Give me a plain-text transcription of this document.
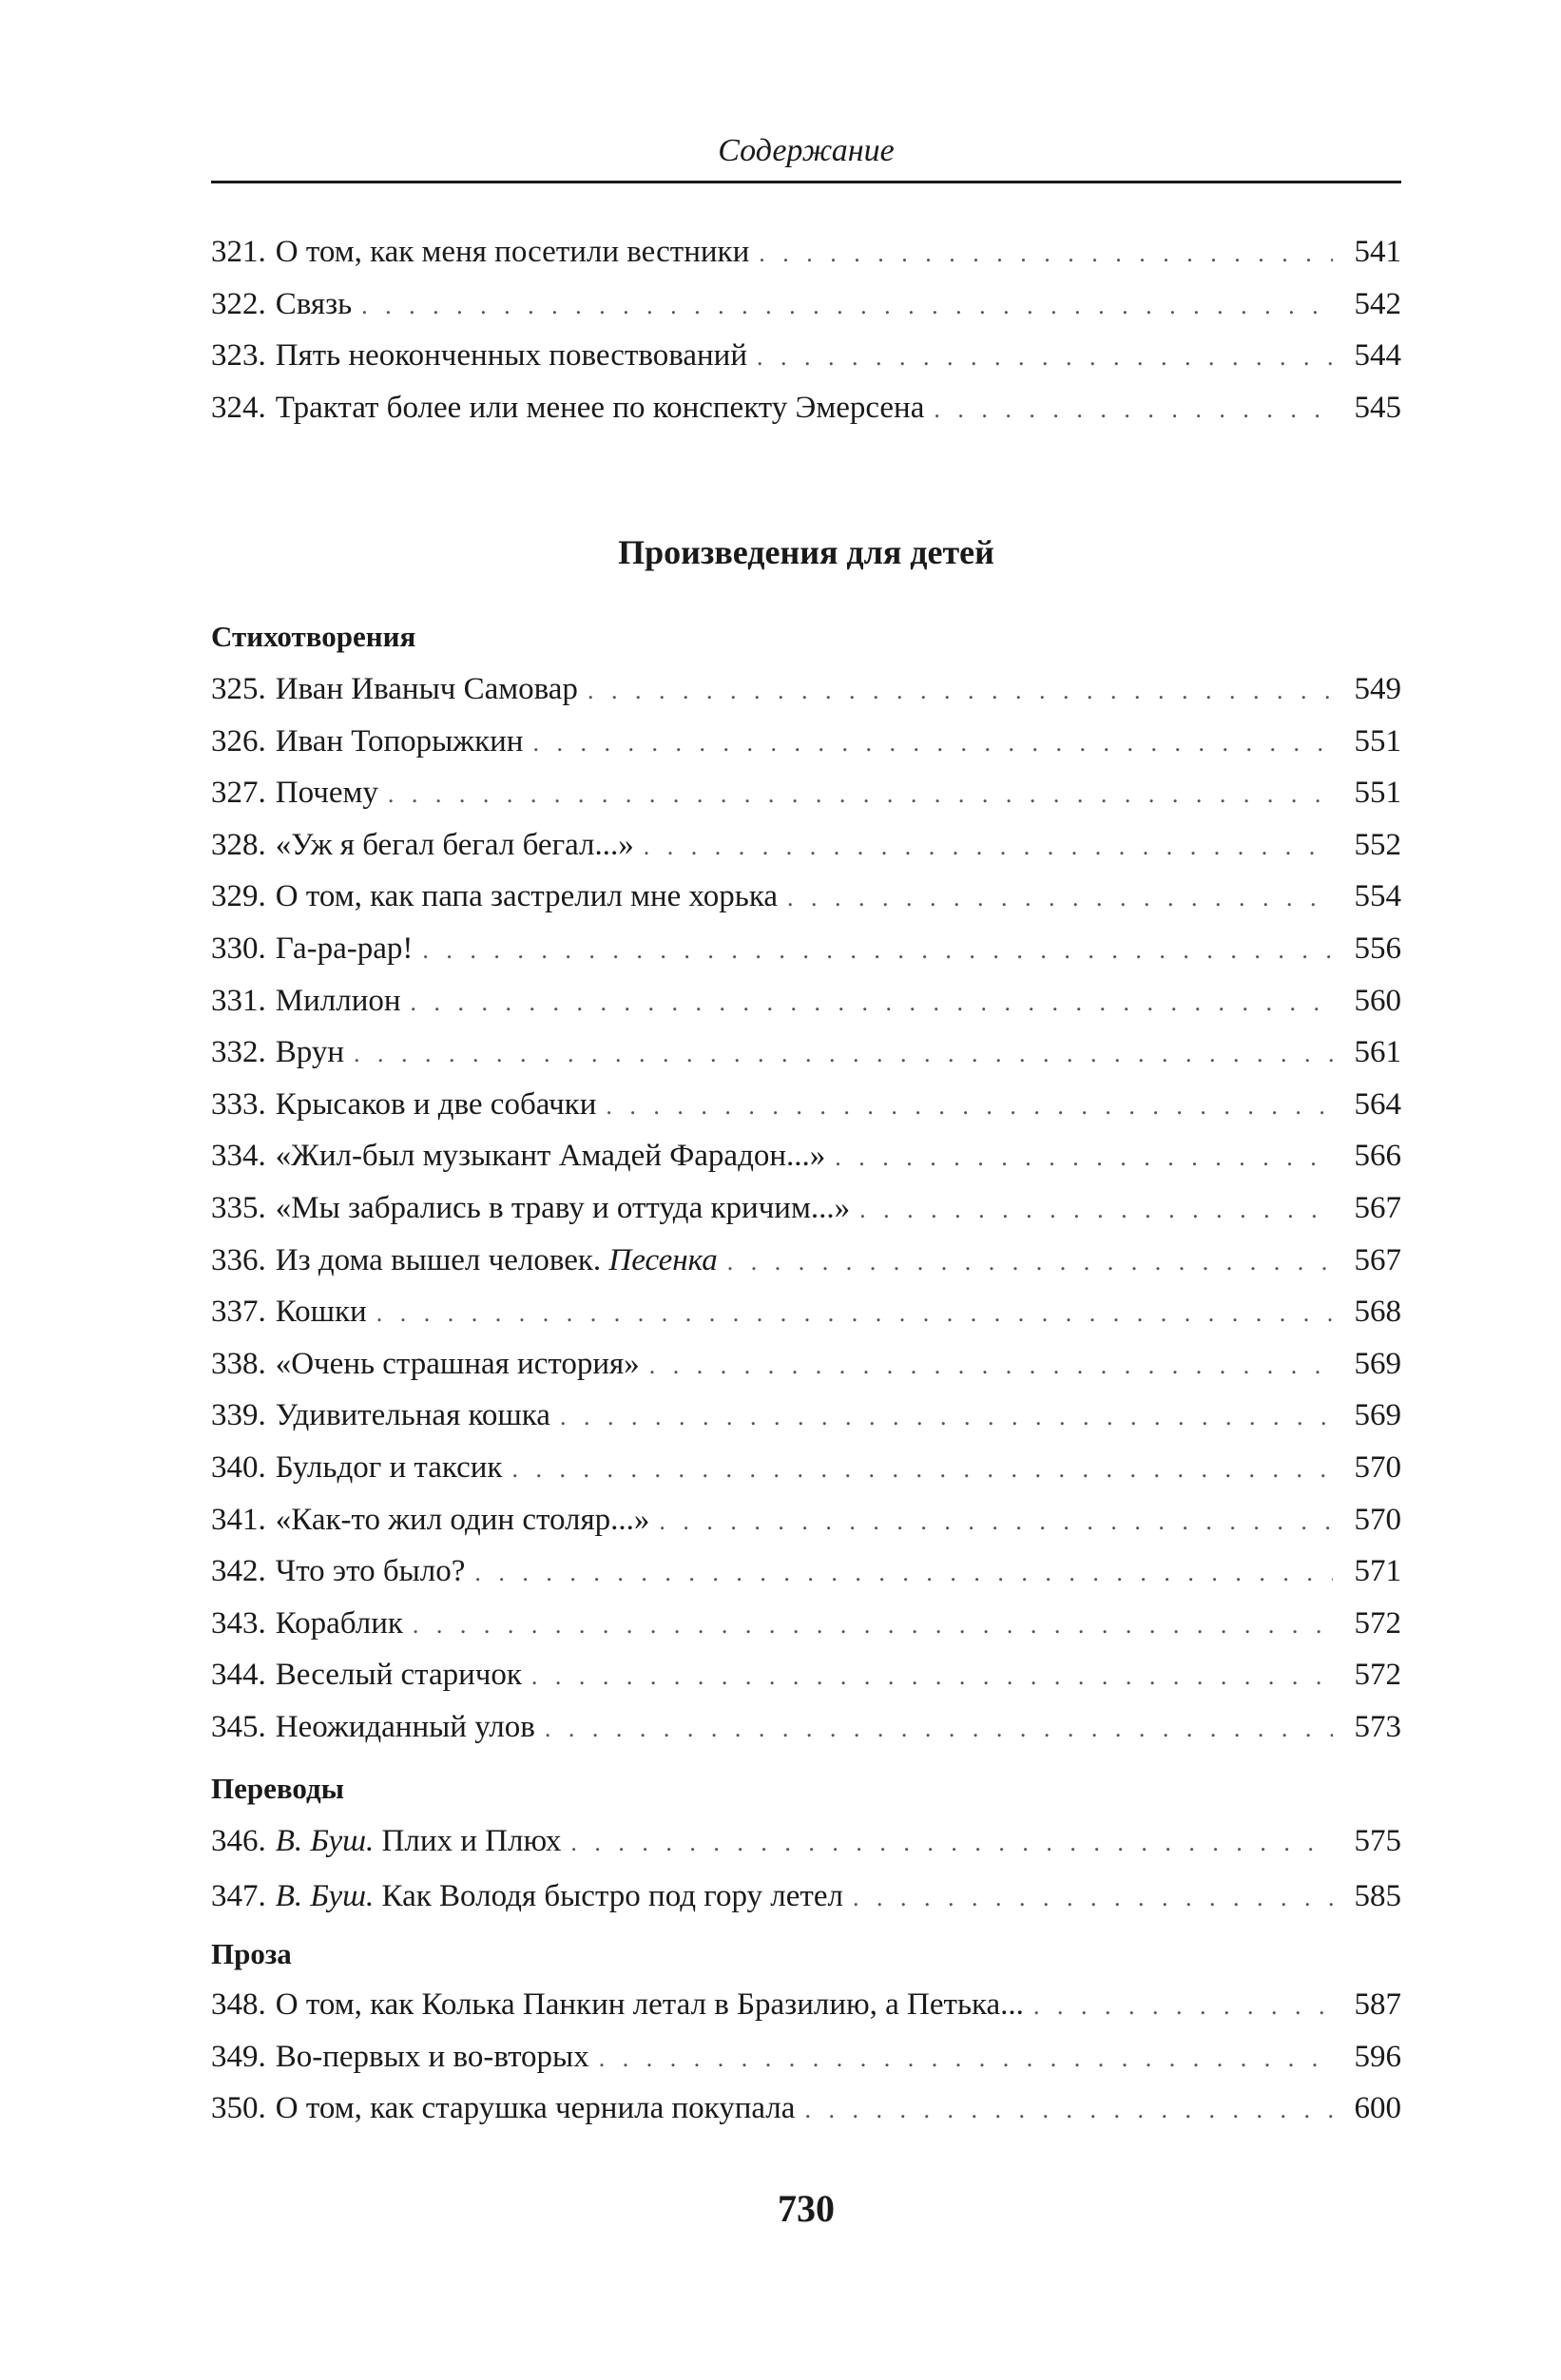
Содержание
321. О том, как меня посетили вестники . . .	541
322. Связь . . .	542
323. Пять неоконченных повествований . . .	544
324. Трактат более или менее по конспекту Эмерсена . . .	545
Произведения для детей
Стихотворения
325. Иван Иваныч Самовар . . .	549
326. Иван Топорыжкин . . .	551
327. Почему . . .	551
328. «Уж я бегал бегал бегал...» . . .	552
329. О том, как папа застрелил мне хорька . . .	554
330. Га-ра-рар! . . .	556
331. Миллион . . .	560
332. Врун . . .	561
333. Крысаков и две собачки . . .	564
334. «Жил-был музыкант Амадей Фарадон...» . . .	566
335. «Мы забрались в траву и оттуда кричим...» . . .	567
336. Из дома вышел человек. Песенка . . .	567
337. Кошки . . .	568
338. «Очень страшная история» . . .	569
339. Удивительная кошка . . .	569
340. Бульдог и таксик . . .	570
341. «Как-то жил один столяр...» . . .	570
342. Что это было? . . .	571
343. Кораблик . . .	572
344. Веселый старичок . . .	572
345. Неожиданный улов . . .	573
Переводы
346. В. Буш. Плих и Плюх . . .	575
347. В. Буш. Как Володя быстро под гору летел . . .	585
Проза
348. О том, как Колька Панкин летал в Бразилию, а Петька... . . .	587
349. Во-первых и во-вторых . . .	596
350. О том, как старушка чернила покупала . . .	600
730
